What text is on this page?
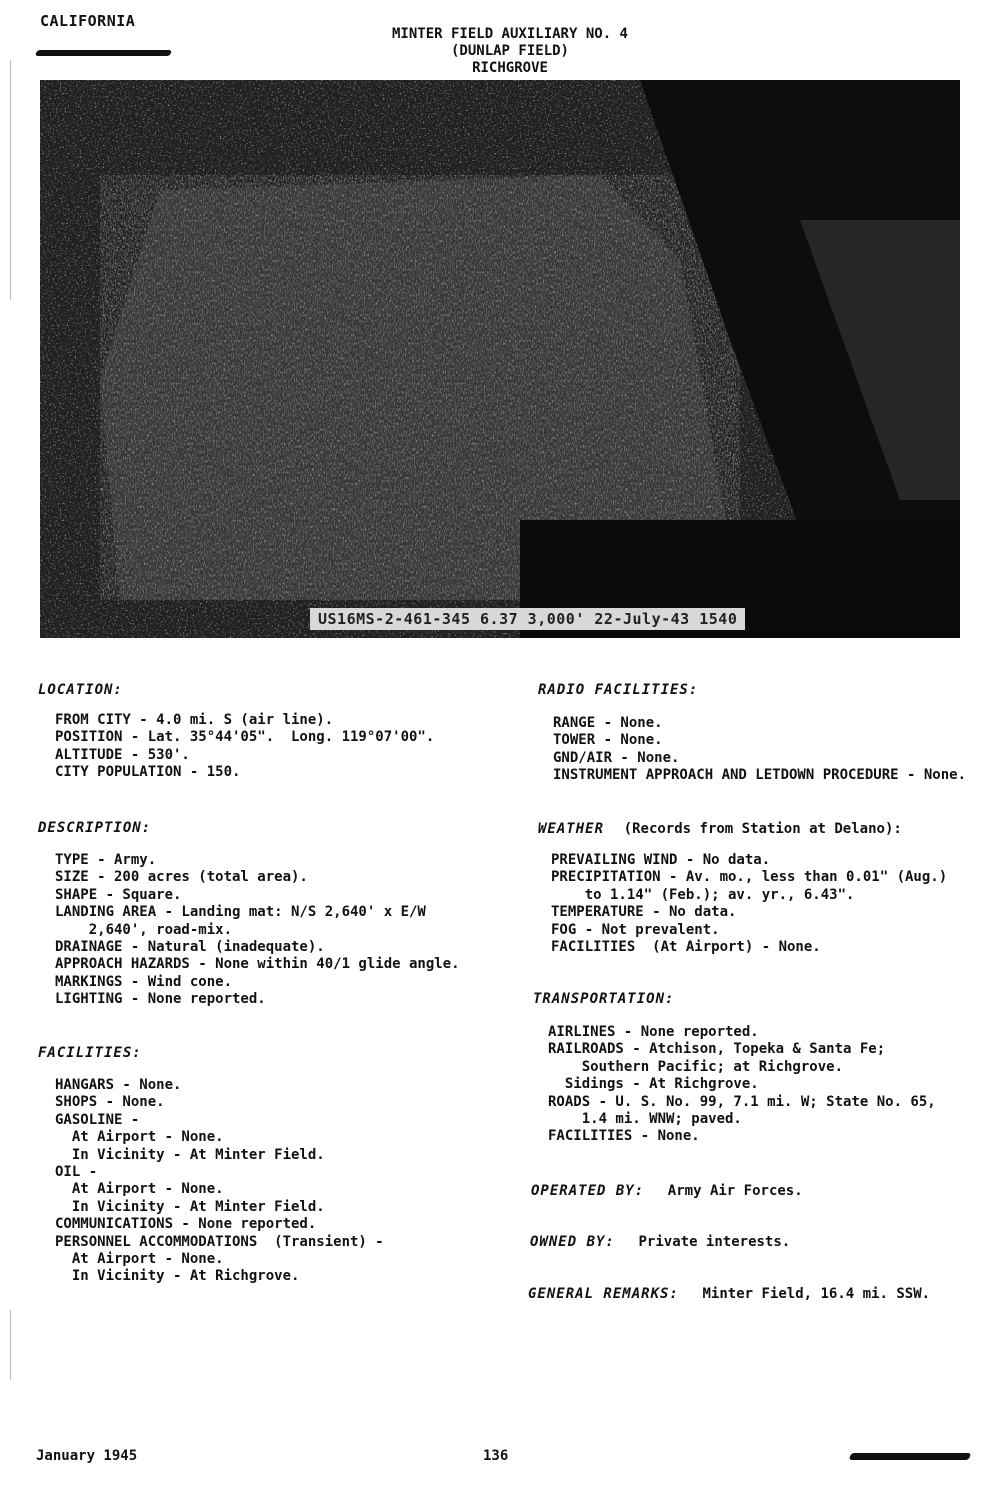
CALIFORNIA
MINTER FIELD AUXILIARY NO. 4
(DUNLAP FIELD)
RICHGROVE
US16MS-2-461-345 6.37 3,000' 22-July-43 1540
LOCATION:
FROM CITY - 4.0 mi. S (air line).
POSITION - Lat. 35°44'05".  Long. 119°07'00".
ALTITUDE - 530'.
CITY POPULATION - 150.
DESCRIPTION:
TYPE - Army.
SIZE - 200 acres (total area).
SHAPE - Square.
LANDING AREA - Landing mat: N/S 2,640' x E/W
2,640', road-mix.
DRAINAGE - Natural (inadequate).
APPROACH HAZARDS - None within 40/1 glide angle.
MARKINGS - Wind cone.
LIGHTING - None reported.
FACILITIES:
HANGARS - None.
SHOPS - None.
GASOLINE -
At Airport - None.
In Vicinity - At Minter Field.
OIL -
At Airport - None.
In Vicinity - At Minter Field.
COMMUNICATIONS - None reported.
PERSONNEL ACCOMMODATIONS  (Transient) -
At Airport - None.
In Vicinity - At Richgrove.
RADIO FACILITIES:
RANGE - None.
TOWER - None.
GND/AIR - None.
INSTRUMENT APPROACH AND LETDOWN PROCEDURE - None.
WEATHER (Records from Station at Delano):
PREVAILING WIND - No data.
PRECIPITATION - Av. mo., less than 0.01" (Aug.)
to 1.14" (Feb.); av. yr., 6.43".
TEMPERATURE - No data.
FOG - Not prevalent.
FACILITIES  (At Airport) - None.
TRANSPORTATION:
AIRLINES - None reported.
RAILROADS - Atchison, Topeka & Santa Fe;
Southern Pacific; at Richgrove.
Sidings - At Richgrove.
ROADS - U. S. No. 99, 7.1 mi. W; State No. 65,
1.4 mi. WNW; paved.
FACILITIES - None.
OPERATED BY: Army Air Forces.
OWNED BY: Private interests.
GENERAL REMARKS: Minter Field, 16.4 mi. SSW.
January 1945	136
